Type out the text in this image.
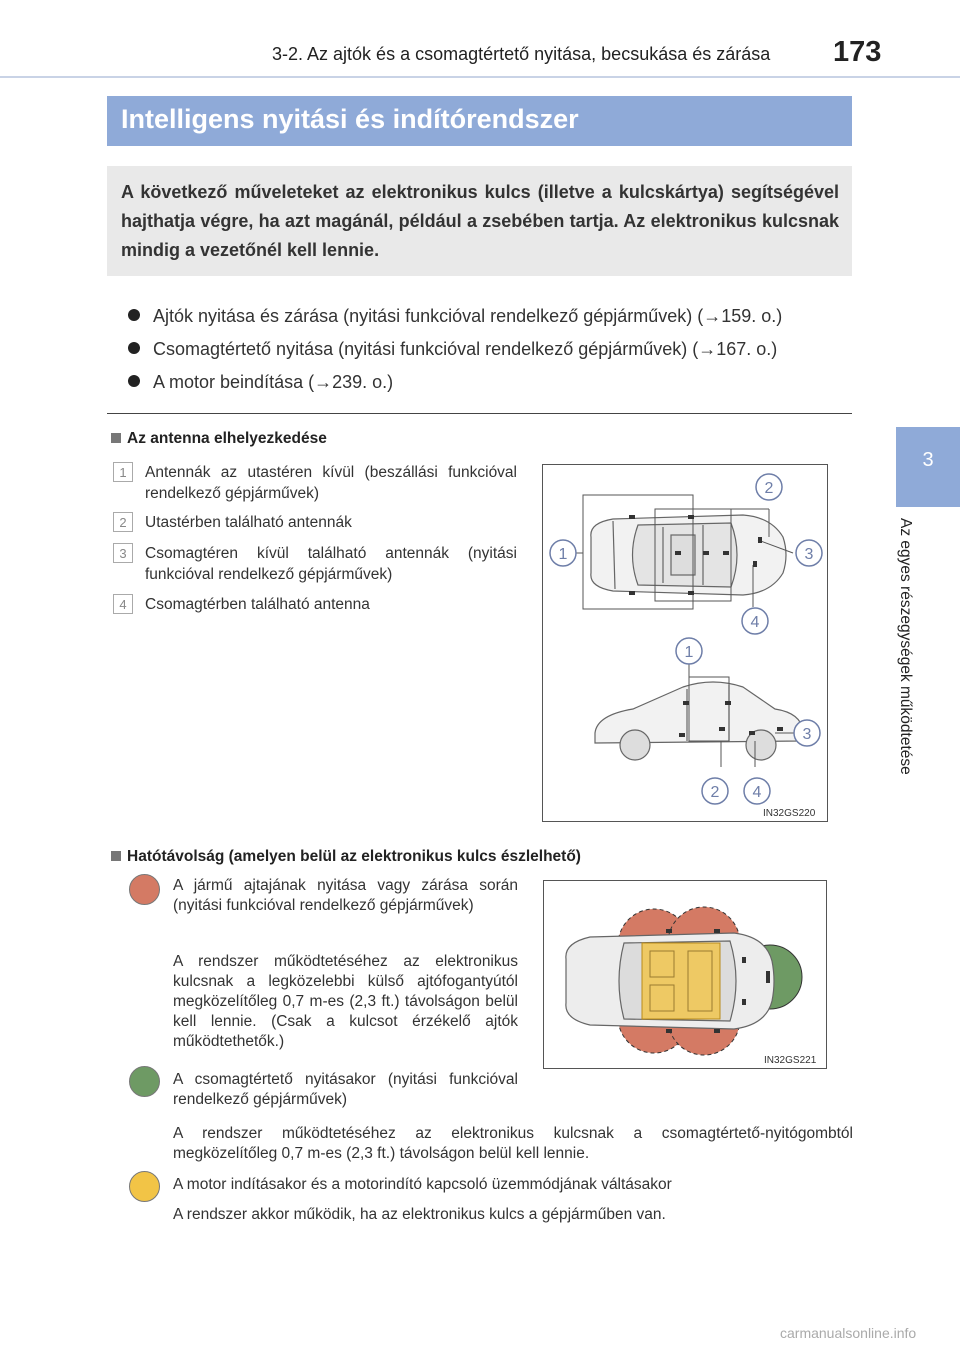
3-2. Az ajtók és a csomagtértető nyitása, becsukása és zárása 173
3
Az egyes részegységek működtetése
Intelligens nyitási és indítórendszer
A következő műveleteket az elektronikus kulcs (illetve a kulcskártya) segítségével hajthatja végre, ha azt magánál, például a zsebében tartja. Az elektronikus kulcsnak mindig a vezetőnél kell lennie.
Ajtók nyitása és zárása (nyitási funkcióval rendelkező gépjárművek) (→159. o.)
Csomagtértető nyitása (nyitási funkcióval rendelkező gépjárművek) (→167. o.)
A motor beindítása (→239. o.)
Az antenna elhelyezkedése
1	Antennák az utastéren kívül (beszállási funkcióval rendelkező gépjárművek)
2	Utastérben található antennák
3	Csomagtéren kívül található antennák (nyitási funkcióval rendelkező gépjárművek)
4	Csomagtérben található antenna
1
2
3
4
1
3
2 4
IN32GS220
Hatótávolság (amelyen belül az elektronikus kulcs észlelhető)
IN32GS221
A jármű ajtajának nyitása vagy zárása során (nyitási funkcióval rendelkező gépjárművek)
A rendszer működtetéséhez az elektronikus kulcsnak a legközelebbi külső ajtófogantyútól megközelítőleg 0,7 m-es (2,3 ft.) távolságon belül kell lennie. (Csak a kulcsot érzékelő ajtók működtethetők.)
A csomagtértető nyitásakor (nyitási funkcióval rendelkező gépjárművek)
A rendszer működtetéséhez az elektronikus kulcsnak a csomagtértető-nyitógombtól megközelítőleg 0,7 m-es (2,3 ft.) távolságon belül kell lennie.
A motor indításakor és a motorindító kapcsoló üzemmódjának váltásakor
A rendszer akkor működik, ha az elektronikus kulcs a gépjárműben van.
carmanualsonline.info
